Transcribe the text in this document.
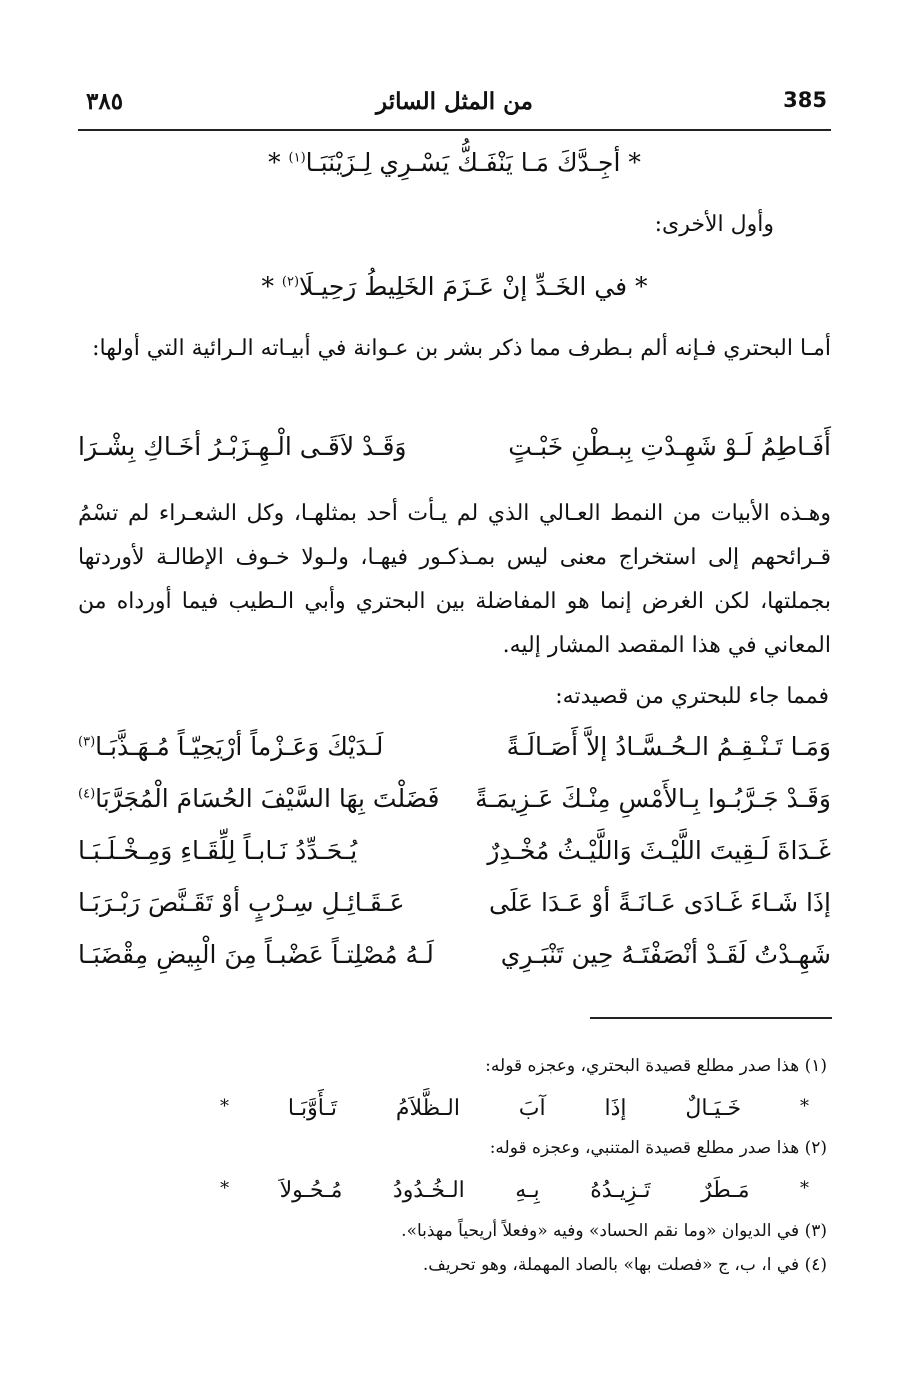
٣٨٥	من المثل السائر	385
* أجِـدَّكَ مَـا يَنْفَـكُّ يَسْـرِي لِـزَيْنَبَـا$^{(١)}$ *
وأول الأخرى:
* في الخَـدِّ إنْ عَـزَمَ الخَلِيطُ رَحِيـلَا$^{(٢)}$ *
أمـا البحتري فـإنه ألم بـطرف مما ذكر بشر بن عـوانة في أبيـاته الـرائية التي أولها:
أَفَـاطِمُ لَـوْ شَهِـدْتِ بِبـطْنِ خَبْـتٍ
وَقَـدْ لاَقَـى الْـهِـزَبْـرُ أخَـاكِ بِشْـرَا
وهـذه الأبيات من النمط العـالي الذي لم يـأت أحد بمثلهـا، وكل الشعـراء لم تسْمُ قـرائحهم إلى استخراج معنى ليس بمـذكـور فيهـا، ولـولا خـوف الإطالـة لأوردتها بجملتها، لكن الغرض إنما هو المفاضلة بين البحتري وأبي الـطيب فيما أورداه من المعاني في هذا المقصد المشار إليه.
فمما جاء للبحتري من قصيدته:
وَمَـا تَـنْـقِـمُ الـحُـسَّـادُ إلاَّ أَصَـالَـةً
لَـدَيْكَ وَعَـزْماً أرْيَحِيّـاً مُـهَـذَّبَـا$^{(٣)}$
وَقَـدْ جَـرَّبُـوا بِـالأَمْسِ مِنْـكَ عَـزِيمَـةً
فَضَلْتَ بِهَا السَّيْفَ الحُسَامَ الْمُجَرَّبَا$^{(٤)}$
غَـدَاةَ لَـقِيتَ اللَّيْـثَ وَاللَّيْـثُ مُخْـدِرٌ
يُـحَـدِّدُ نَـابـاً لِلِّقَـاءِ وَمِـخْـلَـبَـا
إذَا شَـاءَ غَـادَى عَـانَـةً أوْ عَـدَا عَلَى
عَـقَـائِـلِ سِـرْبٍ أوْ تَقَـنَّصَ رَبْـرَبَـا
شَهِـدْتُ لَقَـدْ أنْصَفْتَـهُ حِين تَنْبَـرِي
لَـهُ مُصْلِتـاً عَضْبـاً مِنَ الْبِيضِ مِقْضَبَـا
(١) هذا صدر مطلع قصيدة البحتري، وعجزه قوله:
*
خَـيَـالٌ
إذَا
آبَ
الـظَّلاَمُ
تَـأَوَّبَـا
*
(٢) هذا صدر مطلع قصيدة المتنبي، وعجزه قوله:
*
مَـطَرٌ
تَـزِيـدُهُ
بِـهِ
الـخُـدُودُ
مُـحُـولاَ
*
(٣) في الديوان «وما نقم الحساد» وفيه «وفعلاً أريحياً مهذبا».
(٤) في ا، ب، ج «فصلت بها» بالصاد المهملة، وهو تحريف.
